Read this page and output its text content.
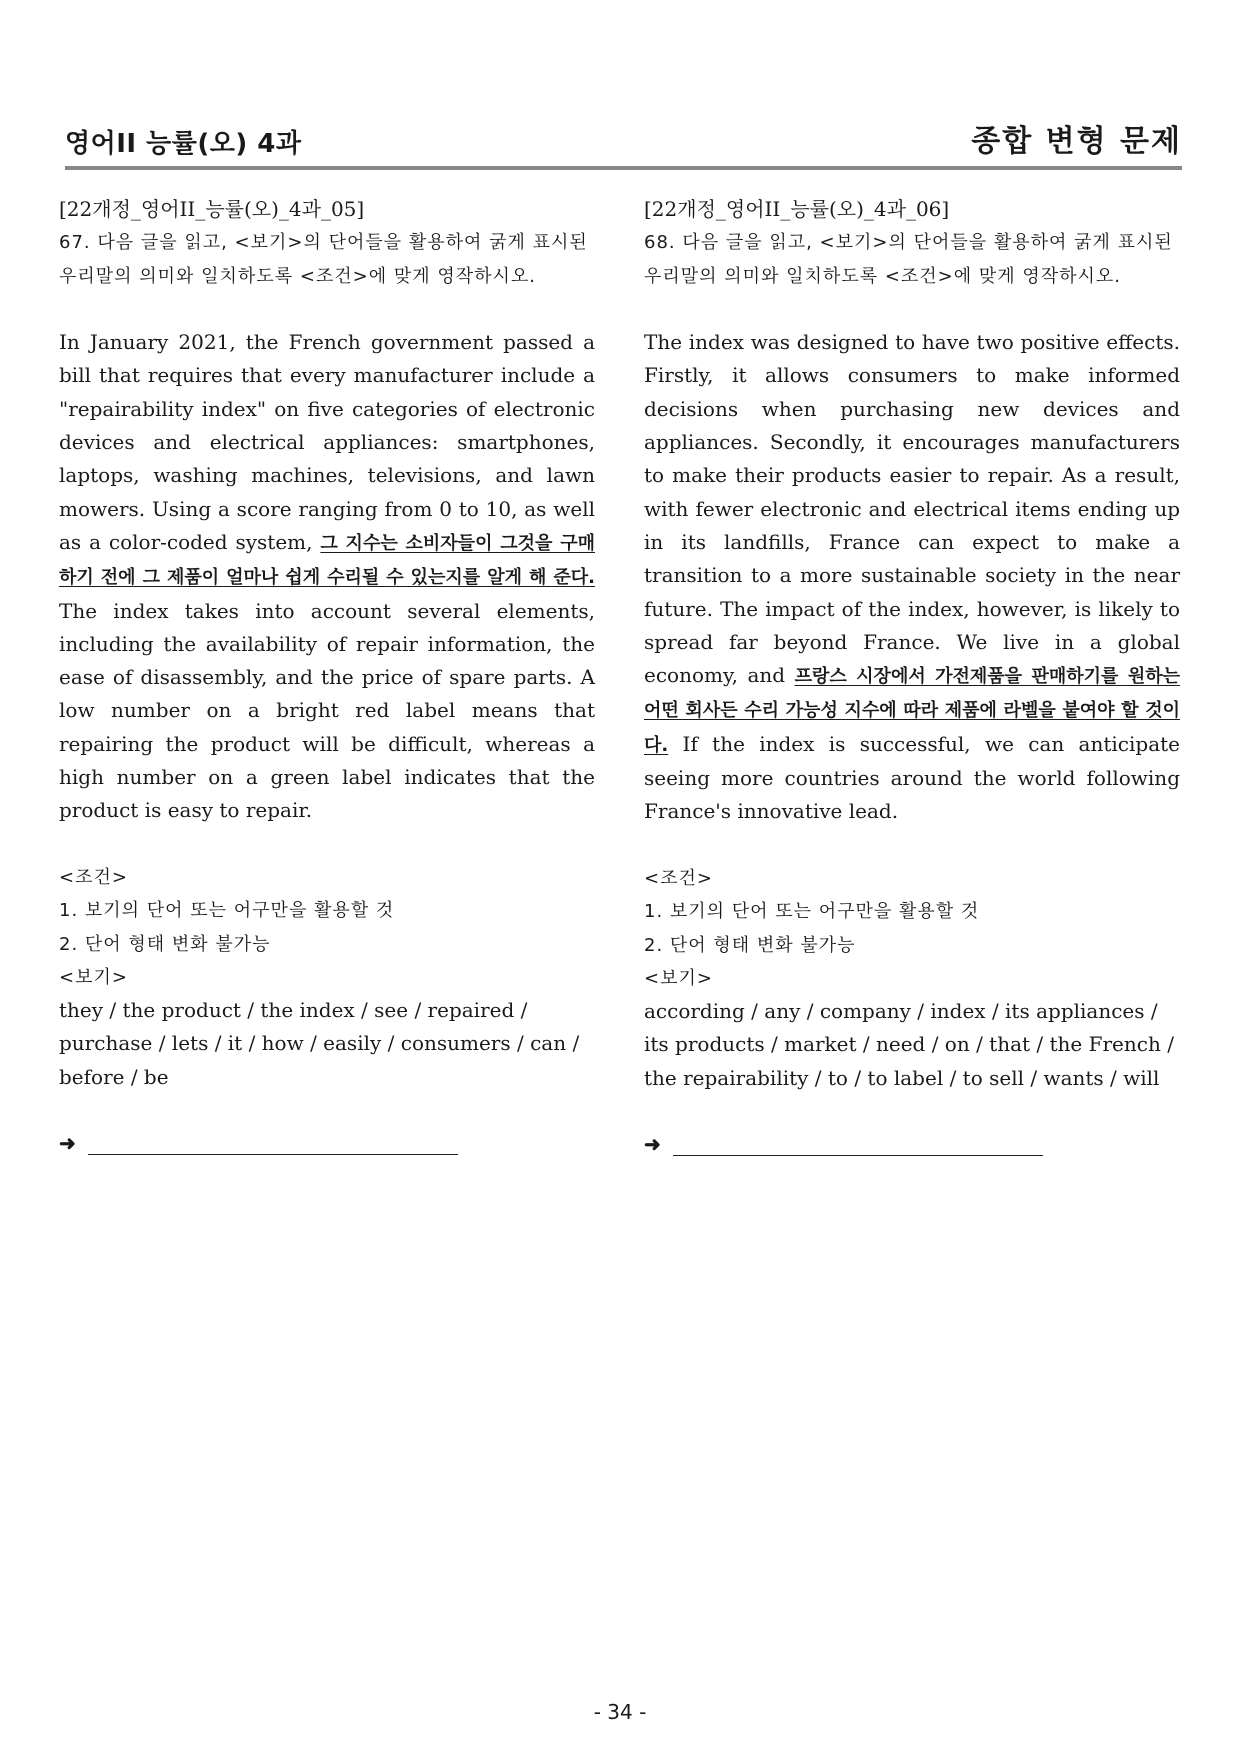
영어II 능률(오) 4과	종합 변형 문제

[22개정_영어II_능률(오)_4과_05]

67. 다음 글을 읽고, <보기>의 단어들을 활용하여 굵게 표시된 우리말의 의미와 일치하도록 <조건>에 맞게 영작하시오.

In January 2021, the French government passed a bill that requires that every manufacturer include a "repairability index" on five categories of electronic devices and electrical appliances: smartphones, laptops, washing machines, televisions, and lawn mowers. Using a score ranging from 0 to 10, as well as a color-coded system, 그 지수는 소비자들이 그것을 구매하기 전에 그 제품이 얼마나 쉽게 수리될 수 있는지를 알게 해 준다. The index takes into account several elements, including the availability of repair information, the ease of disassembly, and the price of spare parts. A low number on a bright red label means that repairing the product will be difficult, whereas a high number on a green label indicates that the product is easy to repair.

<조건>

1. 보기의 단어 또는 어구만을 활용할 것

2. 단어 형태 변화 불가능

<보기>

they / the product / the index / see / repaired / purchase / lets / it / how / easily / consumers / can / before / be

➜

[22개정_영어II_능률(오)_4과_06]

68. 다음 글을 읽고, <보기>의 단어들을 활용하여 굵게 표시된 우리말의 의미와 일치하도록 <조건>에 맞게 영작하시오.

The index was designed to have two positive effects. Firstly, it allows consumers to make informed decisions when purchasing new devices and appliances. Secondly, it encourages manufacturers to make their products easier to repair. As a result, with fewer electronic and electrical items ending up in its landfills, France can expect to make a transition to a more sustainable society in the near future. The impact of the index, however, is likely to spread far beyond France. We live in a global economy, and 프랑스 시장에서 가전제품을 판매하기를 원하는 어떤 회사든 수리 가능성 지수에 따라 제품에 라벨을 붙여야 할 것이다. If the index is successful, we can anticipate seeing more countries around the world following France's innovative lead.

<조건>

1. 보기의 단어 또는 어구만을 활용할 것

2. 단어 형태 변화 불가능

<보기>

according / any / company / index / its appliances / its products / market / need / on / that / the French / the repairability / to / to label / to sell / wants / will

➜

- 34 -
